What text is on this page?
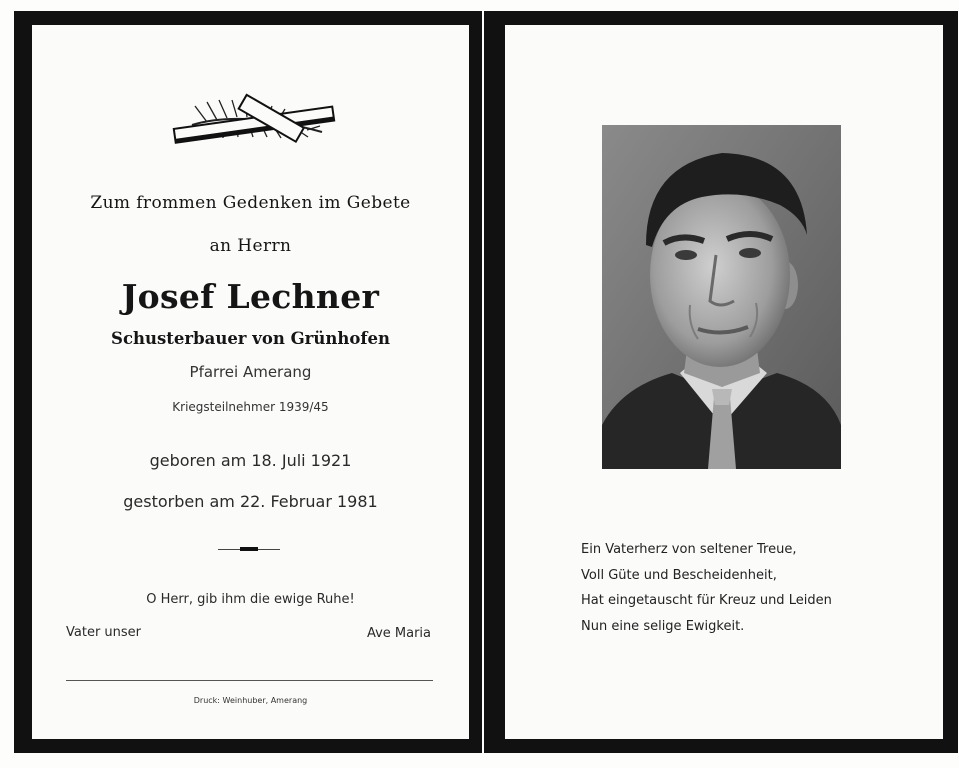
Zum frommen Gedenken im Gebete
an Herrn
Josef Lechner
Schusterbauer von Grünhofen
Pfarrei Amerang
Kriegsteilnehmer 1939/45
geboren am 18. Juli 1921
gestorben am 22. Februar 1981
O Herr, gib ihm die ewige Ruhe!
Vater unser	Ave Maria
Druck: Weinhuber, Amerang
Ein Vaterherz von seltener Treue,
Voll Güte und Bescheidenheit,
Hat eingetauscht für Kreuz und Leiden
Nun eine selige Ewigkeit.
